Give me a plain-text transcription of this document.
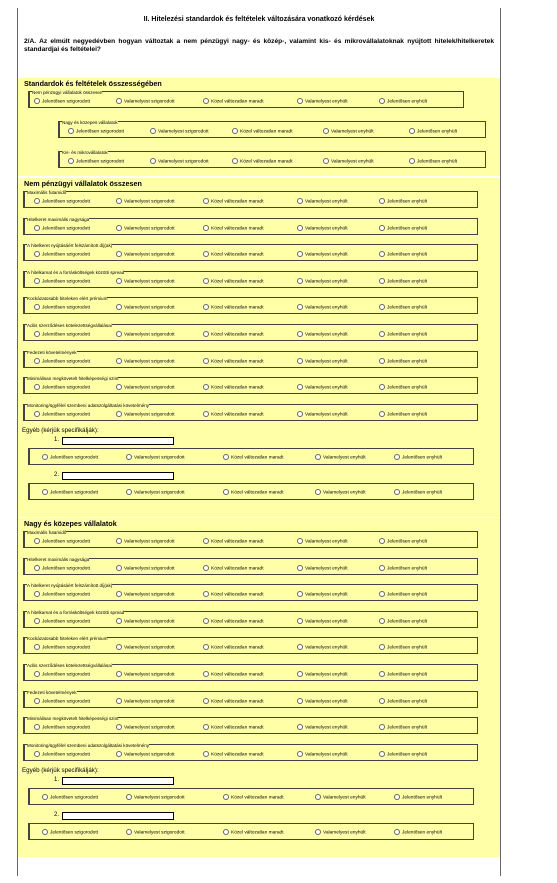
II. Hitelezési standardok és feltételek változására vonatkozó kérdések
2/A. Az elmúlt negyedévben hogyan változtak a nem pénzügyi nagy- és közép-, valamint kis- és mikrovállalatoknak nyújtott hitelek/hitelkeretek standardjai és feltételei?
Standardok és feltételek összességében
Nem pénzügyi vállalatok összesen
Jelentősen szigorodott	Valamelyest szigorodott	Közel változatlan maradt	Valamelyest enyhült	Jelentősen enyhült
Nagy és közepes vállalatok
Jelentősen szigorodott	Valamelyest szigorodott	Közel változatlan maradt	Valamelyest enyhült	Jelentősen enyhült
Kis- és mikrovállalatok
Jelentősen szigorodott	Valamelyest szigorodott	Közel változatlan maradt	Valamelyest enyhült	Jelentősen enyhült
Nem pénzügyi vállalatok összesen
Maximális futamidő
Jelentősen szigorodott	Valamelyest szigorodott	Közel változatlan maradt	Valamelyest enyhült	Jelentősen enyhült
Hitelkeret maximális nagysága
Jelentősen szigorodott	Valamelyest szigorodott	Közel változatlan maradt	Valamelyest enyhült	Jelentősen enyhült
A hitelkeret nyújtásáért felszámított díj(ak)
Jelentősen szigorodott	Valamelyest szigorodott	Közel változatlan maradt	Valamelyest enyhült	Jelentősen enyhült
A hitelkamat és a forrásköltségek közötti spread
Jelentősen szigorodott	Valamelyest szigorodott	Közel változatlan maradt	Valamelyest enyhült	Jelentősen enyhült
Kockázatosabb hiteleken elért prémium
Jelentősen szigorodott	Valamelyest szigorodott	Közel változatlan maradt	Valamelyest enyhült	Jelentősen enyhült
Adós szerződéses kötelezettségvállalásai
Jelentősen szigorodott	Valamelyest szigorodott	Közel változatlan maradt	Valamelyest enyhült	Jelentősen enyhült
Fedezeti követelmények
Jelentősen szigorodott	Valamelyest szigorodott	Közel változatlan maradt	Valamelyest enyhült	Jelentősen enyhült
Minimálisan megkövetelt hitelképességi szint
Jelentősen szigorodott	Valamelyest szigorodott	Közel változatlan maradt	Valamelyest enyhült	Jelentősen enyhült
Monitoring/ügyfélel szembeni adatszolgáltatási követelmény
Jelentősen szigorodott	Valamelyest szigorodott	Közel változatlan maradt	Valamelyest enyhült	Jelentősen enyhült
Egyéb (kérjük specifikálják):
1.
Jelentősen szigorodott	Valamelyest szigorodott	Közel változatlan maradt	Valamelyest enyhült	Jelentősen enyhült
2.
Jelentősen szigorodott	Valamelyest szigorodott	Közel változatlan maradt	Valamelyest enyhült	Jelentősen enyhült
Nagy és közepes vállalatok
Maximális futamidő
Jelentősen szigorodott	Valamelyest szigorodott	Közel változatlan maradt	Valamelyest enyhült	Jelentősen enyhült
Hitelkeret maximális nagysága
Jelentősen szigorodott	Valamelyest szigorodott	Közel változatlan maradt	Valamelyest enyhült	Jelentősen enyhült
A hitelkeret nyújtásáért felszámított díj(ak)
Jelentősen szigorodott	Valamelyest szigorodott	Közel változatlan maradt	Valamelyest enyhült	Jelentősen enyhült
A hitelkamat és a forrásköltségek közötti spread
Jelentősen szigorodott	Valamelyest szigorodott	Közel változatlan maradt	Valamelyest enyhült	Jelentősen enyhült
Kockázatosabb hiteleken elért prémium
Jelentősen szigorodott	Valamelyest szigorodott	Közel változatlan maradt	Valamelyest enyhült	Jelentősen enyhült
Adós szerződéses kötelezettségvállalásai
Jelentősen szigorodott	Valamelyest szigorodott	Közel változatlan maradt	Valamelyest enyhült	Jelentősen enyhült
Fedezeti követelmények
Jelentősen szigorodott	Valamelyest szigorodott	Közel változatlan maradt	Valamelyest enyhült	Jelentősen enyhült
Minimálisan megkövetelt hitelképességi szint
Jelentősen szigorodott	Valamelyest szigorodott	Közel változatlan maradt	Valamelyest enyhült	Jelentősen enyhült
Monitoring/ügyfélel szembeni adatszolgáltatási követelmény
Jelentősen szigorodott	Valamelyest szigorodott	Közel változatlan maradt	Valamelyest enyhült	Jelentősen enyhült
Egyéb (kérjük specifikálják):
1.
Jelentősen szigorodott	Valamelyest szigorodott	Közel változatlan maradt	Valamelyest enyhült	Jelentősen enyhült
2.
Jelentősen szigorodott	Valamelyest szigorodott	Közel változatlan maradt	Valamelyest enyhült	Jelentősen enyhült
